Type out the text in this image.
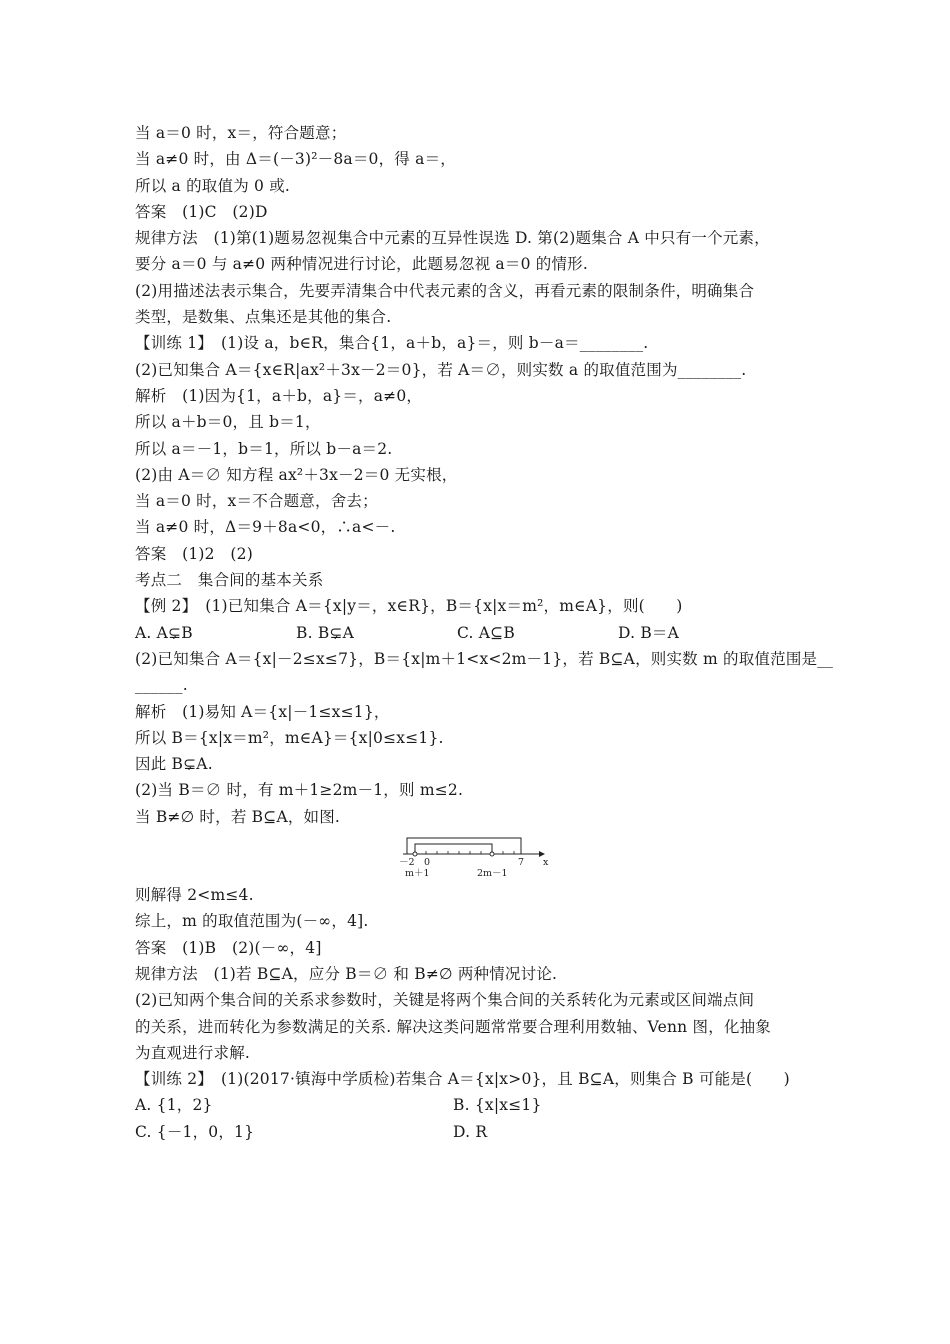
当 a＝0 时，x＝，符合题意；
当 a≠0 时，由 Δ＝(－3)²－8a＝0，得 a＝，
所以 a 的取值为 0 或.
答案　(1)C　(2)D
规律方法　(1)第(1)题易忽视集合中元素的互异性误选 D. 第(2)题集合 A 中只有一个元素，
要分 a＝0 与 a≠0 两种情况进行讨论，此题易忽视 a＝0 的情形.
(2)用描述法表示集合，先要弄清集合中代表元素的含义，再看元素的限制条件，明确集合
类型，是数集、点集还是其他的集合.
【训练 1】　(1)设 a，b∈R，集合{1，a＋b，a}＝，则 b－a＝________.
(2)已知集合 A＝{x∈R|ax²＋3x－2＝0}，若 A＝∅，则实数 a 的取值范围为________.
解析　(1)因为{1，a＋b，a}＝，a≠0，
所以 a＋b＝0，且 b＝1，
所以 a＝－1，b＝1，所以 b－a＝2.
(2)由 A＝∅ 知方程 ax²＋3x－2＝0 无实根，
当 a＝0 时，x＝不合题意，舍去；
当 a≠0 时，Δ＝9＋8a<0，∴a<－.
答案　(1)2　(2)
考点二　集合间的基本关系
【例 2】　(1)已知集合 A＝{x|y＝，x∈R}，B＝{x|x＝m²，m∈A}，则(　　)
A. A⊊B	B. B⊊A	C. A⊆B	D. B＝A
(2)已知集合 A＝{x|－2≤x≤7}，B＝{x|m＋1<x<2m－1}，若 B⊆A，则实数 m 的取值范围是__
______.
解析　(1)易知 A＝{x|－1≤x≤1}，
所以 B＝{x|x＝m²，m∈A}＝{x|0≤x≤1}.
因此 B⊊A.
(2)当 B＝∅ 时，有 m＋1≥2m－1，则 m≤2.
当 B≠∅ 时，若 B⊆A，如图.
－2 0	7 x
m＋1	2m－1
则解得 2<m≤4.
综上，m 的取值范围为(－∞，4].
答案　(1)B　(2)(－∞，4]
规律方法　(1)若 B⊆A，应分 B＝∅ 和 B≠∅ 两种情况讨论.
(2)已知两个集合间的关系求参数时，关键是将两个集合间的关系转化为元素或区间端点间
的关系，进而转化为参数满足的关系. 解决这类问题常常要合理利用数轴、Venn 图，化抽象
为直观进行求解.
【训练 2】　(1)(2017·镇海中学质检)若集合 A＝{x|x>0}，且 B⊆A，则集合 B 可能是(　　)
A. {1，2}	B. {x|x≤1}
C. {－1，0，1}	D. R
